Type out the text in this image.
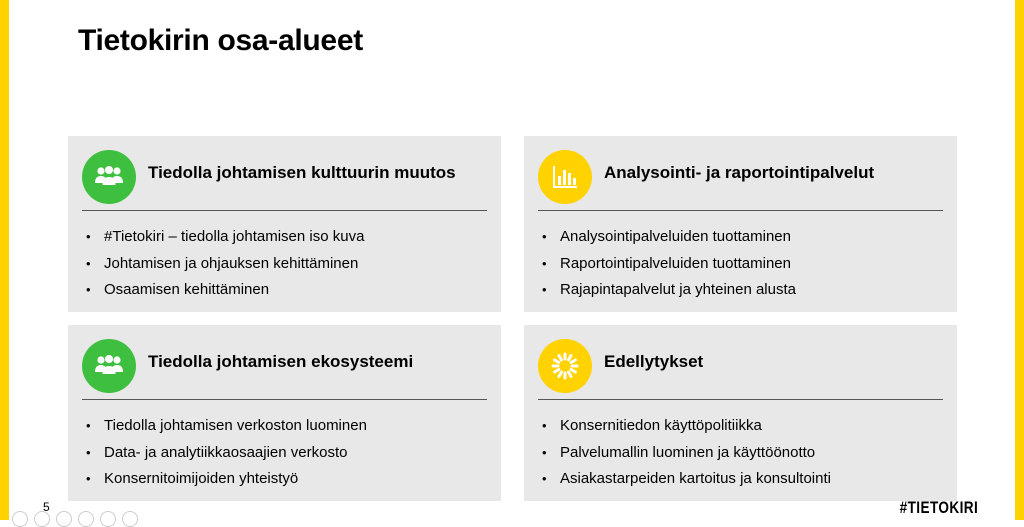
Tietokirin osa-alueet
Tiedolla johtamisen kulttuurin muutos
• #Tietokiri – tiedolla johtamisen iso kuva
• Johtamisen ja ohjauksen kehittäminen
• Osaamisen kehittäminen
Analysointi- ja raportointipalvelut
• Analysointipalveluiden tuottaminen
• Raportointipalveluiden tuottaminen
• Rajapintapalvelut ja yhteinen alusta
Tiedolla johtamisen ekosysteemi
• Tiedolla johtamisen verkoston luominen
• Data- ja analytiikkaosaajien verkosto
• Konsernitoimijoiden yhteistyö
Edellytykset
• Konsernitiedon käyttöpolitiikka
• Palvelumallin luominen ja käyttöönotto
• Asiakastarpeiden kartoitus ja konsultointi
5	#TIETOKIRI
